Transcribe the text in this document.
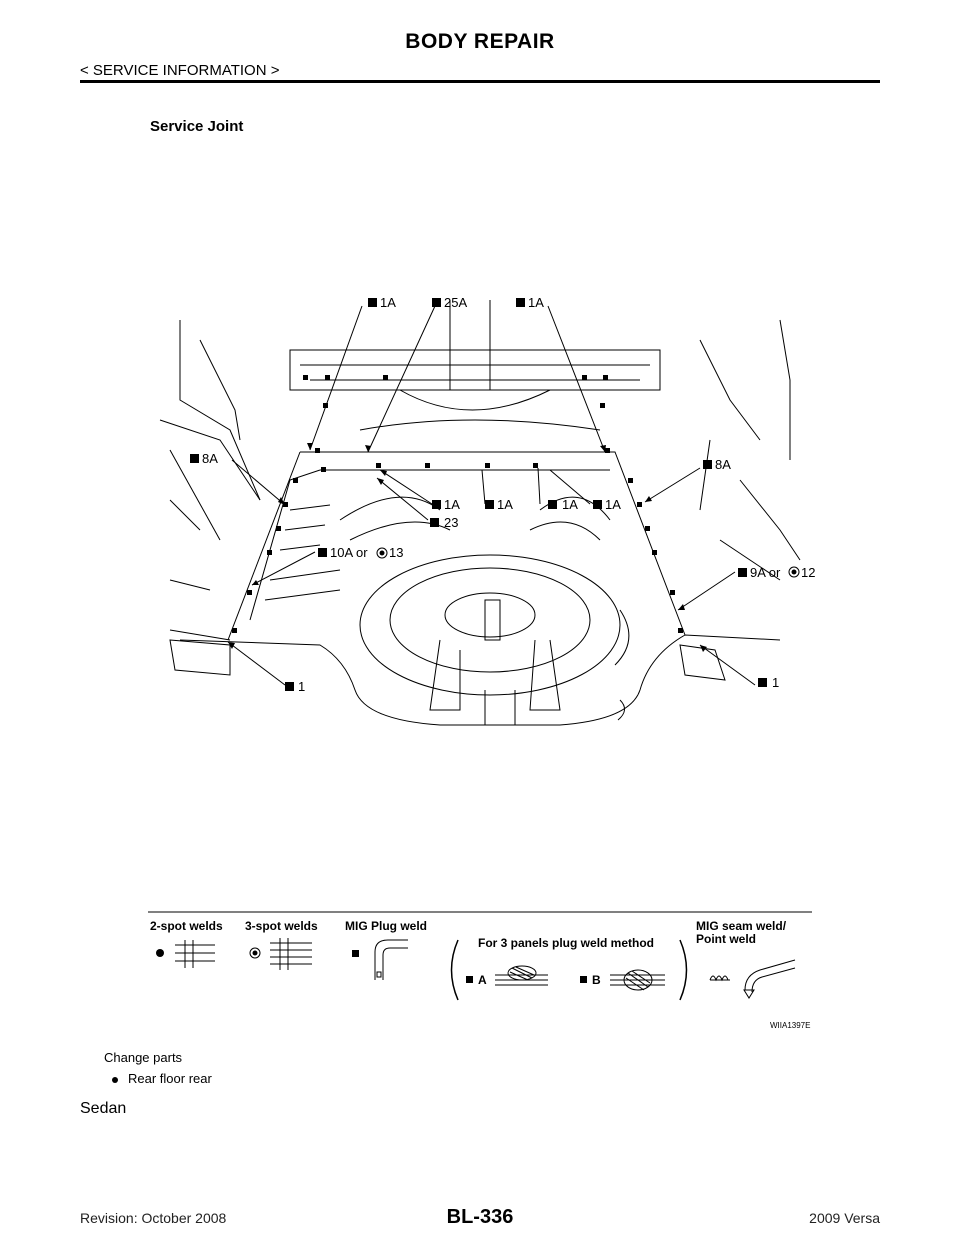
BODY REPAIR
< SERVICE INFORMATION >
Service Joint
1A	25A	1A
8A	8A
1A	1A	1A 1A
23
10A or 13
9A or 12
1	1
2-spot welds 3-spot welds MIG Plug weld
For 3 panels plug weld method
MIG seam weld/
Point weld
A	B
WIIA1397E
Change parts
Rear floor rear
Sedan
Revision: October 2008	BL-336	2009 Versa
